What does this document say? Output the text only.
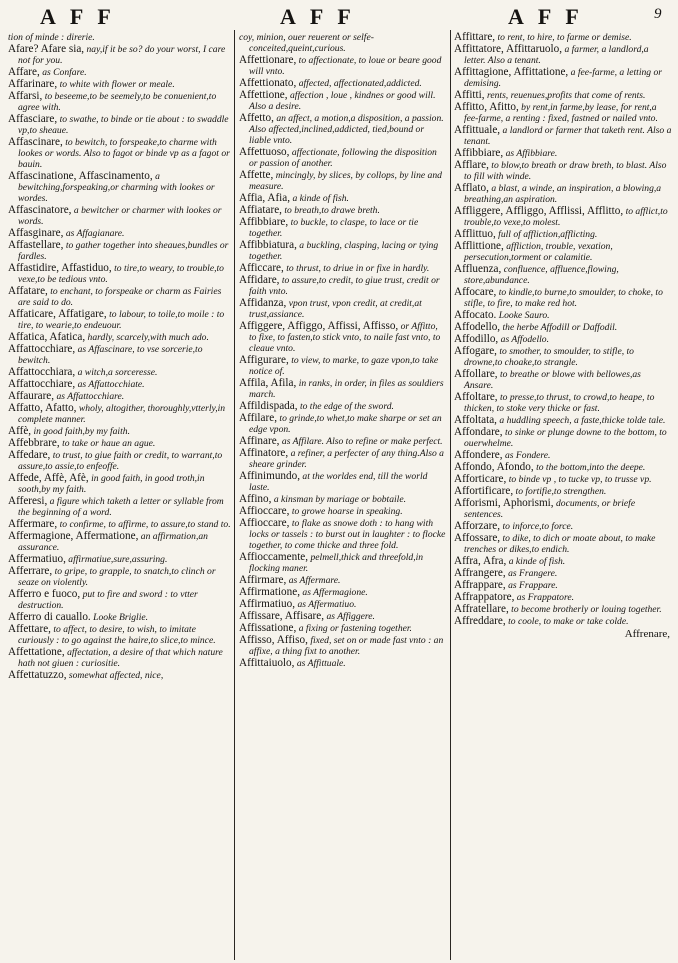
AFF	AFF	AFF	9
tion of minde : direrie.
Afare? Afare sia, nay,if it be so? do your worst, I care not for you.
Affare, as Confare.
Affarinare, to white with flower or meale.
Affarsi, to beseeme,to be seemely,to be conuenient,to agree with.
Affasciare, to swathe, to binde or tie about : to swaddle vp,to sheaue.
Affascinare, to bewitch, to forspeake,to charme with lookes or words. Also to fagot or binde vp as a fagot or bauin.
Affascinatione, Affascinamento, a bewitching,forspeaking,or charming with lookes or wordes.
Affascinatore, a bewitcher or charmer with lookes or words.
Affasginare, as Affagianare.
Affastellare, to gather together into sheaues,bundles or fardles.
Affastidire, Affastiduo, to tire,to weary, to trouble,to vexe,to be tedious vnto.
Affatare, to enchant, to forspeake or charm as Fairies are said to do.
Affaticare, Affatigare, to labour, to toile,to moile : to tire, to wearie,to endeuour.
Affatica, Afatica, hardly, scarcely,with much ado.
Affattocchiare, as Affascinare, to vse sorcerie,to bewitch.
Affattocchiara, a witch,a sorceresse.
Affattocchiare, as Affattocchiate.
Affaurare, as Affattocchiare.
Affatto, Afatto, wholy, altogither, thoroughly,vtterly,in complete manner.
Affè, in good faith,by my faith.
Affebbrare, to take or haue an ague.
Affedare, to trust, to giue faith or credit, to warrant,to assure,to assie,to enfeoffe.
Affede, Affè, Afè, in good faith, in good troth,in sooth,by my faith.
Afferesi, a figure which taketh a letter or syllable from the beginning of a word.
Affermare, to confirme, to affirme, to assure,to stand to.
Affermagione, Affermatione, an affirmation,an assurance.
Affermatiuo, affirmatiue,sure,assuring.
Afferrare, to gripe, to grapple, to snatch,to clinch or seaze on violently.
Afferro e fuoco, put to fire and sword : to vtter destruction.
Afferro di cauallo. Looke Briglie.
Affettare, to affect, to desire, to wish, to imitate curiously : to go against the haire,to slice,to mince.
Affettatione, affectation, a desire of that which nature hath not giuen : curiositie.
Affettatuzzo, somewhat affected, nice,
coy, minion, ouer reuerent or selfe-conceited,queint,curious.
Affettionare, to affectionate, to loue or beare good will vnto.
Affettionato, affected, affectionated,addicted.
Affettione, affection , loue , kindnes or good will. Also a desire.
Affetto, an affect, a motion,a disposition, a passion. Also affected,inclined,addicted, tied,bound or liable vnto.
Affettuoso, affectionate, following the disposition or passion of another.
Affette, mincingly, by slices, by collops, by line and measure.
Affia, Afia, a kinde of fish.
Affiatare, to breath,to drawe breth.
Affibbiare, to buckle, to claspe, to lace or tie together.
Affibbiatura, a buckling, clasping, lacing or tying together.
Afficcare, to thrust, to driue in or fixe in hardly.
Affidare, to assure,to credit, to giue trust, credit or faith vnto.
Affidanza, vpon trust, vpon credit, at credit,at trust,assiance.
Affiggere, Affiggo, Affissi, Affisso, or Affitto, to fixe, to fasten,to stick vnto, to naile fast vnto, to cleaue vnto.
Affigurare, to view, to marke, to gaze vpon,to take notice of.
Affila, Afila, in ranks, in order, in files as souldiers march.
Affildispada, to the edge of the sword.
Affilare, to grinde,to whet,to make sharpe or set an edge vpon.
Affinare, as Affilare. Also to refine or make perfect.
Affinatore, a refiner, a perfecter of any thing.Also a sheare grinder.
Affinimundo, at the worldes end, till the world laste.
Affino, a kinsman by mariage or bobtaile.
Affioccare, to growe hoarse in speaking.
Affioccare, to flake as snowe doth : to hang with locks or tassels : to burst out in laughter : to flocke together, to come thicke and three fold.
Affioccamente, pelmell,thick and threefold,in flocking maner.
Affirmare, as Affermare.
Affirmatione, as Affermagione.
Affirmatiuo, as Affermatiuo.
Affissare, Affisare, as Affiggere.
Affissatione, a fixing or fastening together.
Affisso, Affiso, fixed, set on or made fast vnto : an affixe, a thing fixt to another.
Affittaiuolo, as Affittuale.
Affittare, to rent, to hire, to farme or demise.
Affittatore, Affittaruolo, a farmer, a landlord,a letter. Also a tenant.
Affittagione, Affittatione, a fee-farme, a letting or demising.
Affitti, rents, reuenues,profits that come of rents.
Affitto, Afitto, by rent,in farme,by lease, for rent,a fee-farme, a renting : fixed, fastned or nailed vnto.
Affittuale, a landlord or farmer that taketh rent. Also a tenant.
Affibbiare, as Affibbiare.
Afflare, to blow,to breath or draw breth, to blast. Also to fill with winde.
Afflato, a blast, a winde, an inspiration, a blowing,a breathing,an aspiration.
Affliggere, Affliggo, Afflissi, Afflitto, to afflict,to trouble,to vexe,to molest.
Afflittuo, full of affliction,afflicting.
Afflittione, affliction, trouble, vexation, persecution,torment or calamitie.
Affluenza, confluence, affluence,flowing, store,abundance.
Affocare, to kindle,to burne,to smoulder, to choke, to stifle, to fire, to make red hot.
Affocato. Looke Sauro.
Affodello, the herbe Affodill or Daffodil.
Affodillo, as Affodello.
Affogare, to smother, to smoulder, to stifle, to drowne,to choake,to strangle.
Affollare, to breathe or blowe with bellowes,as Ansare.
Affoltare, to presse,to thrust, to crowd,to heape, to thicken, to stoke very thicke or fast.
Affoltata, a huddling speech, a faste,thicke tolde tale.
Affondare, to sinke or plunge downe to the bottom, to ouerwhelme.
Affondere, as Fondere.
Affondo, Afondo, to the bottom,into the deepe.
Afforticare, to binde vp , to tucke vp, to trusse vp.
Affortificare, to fortifie,to strengthen.
Afforismi, Aphorismi, documents, or briefe sentences.
Afforzare, to inforce,to force.
Affossare, to dike, to dich or moate about, to make trenches or dikes,to endich.
Affra, Afra, a kinde of fish.
Affrangere, as Frangere.
Affrappare, as Frappare.
Affrappatore, as Frappatore.
Affratellare, to become brotherly or louing together.
Affreddare, to coole, to make or take colde.
Affrenare,
